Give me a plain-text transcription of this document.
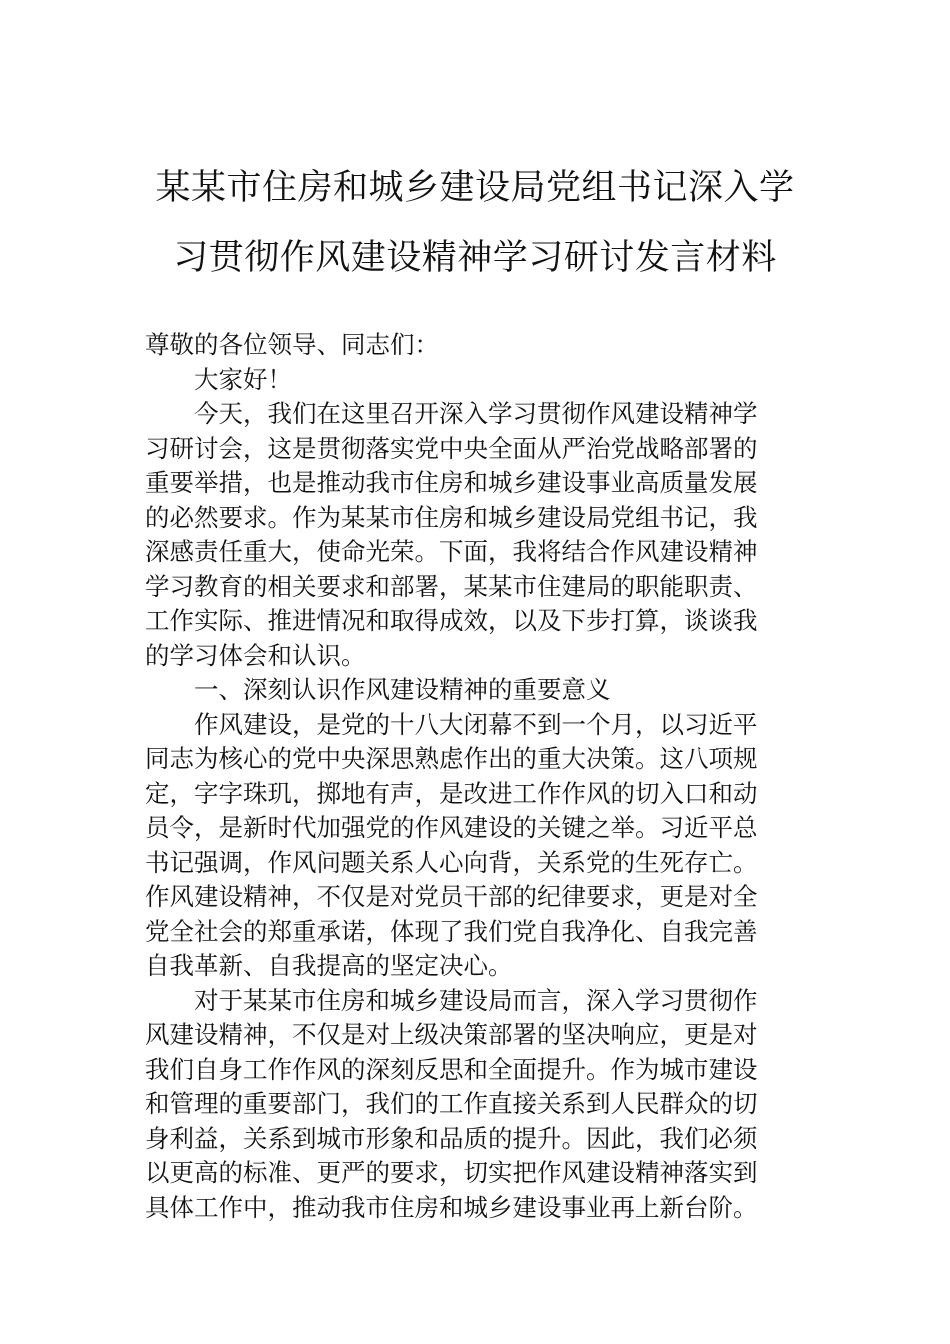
某某市住房和城乡建设局党组书记深入学
习贯彻作风建设精神学习研讨发言材料
尊敬的各位领导、同志们：
大家好！
今天，我们在这里召开深入学习贯彻作风建设精神学
习研讨会，这是贯彻落实党中央全面从严治党战略部署的
重要举措，也是推动我市住房和城乡建设事业高质量发展
的必然要求。作为某某市住房和城乡建设局党组书记，我
深感责任重大，使命光荣。下面，我将结合作风建设精神
学习教育的相关要求和部署，某某市住建局的职能职责、
工作实际、推进情况和取得成效，以及下步打算，谈谈我
的学习体会和认识。
一、深刻认识作风建设精神的重要意义
作风建设，是党的十八大闭幕不到一个月，以习近平
同志为核心的党中央深思熟虑作出的重大决策。这八项规
定，字字珠玑，掷地有声，是改进工作作风的切入口和动
员令，是新时代加强党的作风建设的关键之举。习近平总
书记强调，作风问题关系人心向背，关系党的生死存亡。
作风建设精神，不仅是对党员干部的纪律要求，更是对全
党全社会的郑重承诺，体现了我们党自我净化、自我完善
自我革新、自我提高的坚定决心。
对于某某市住房和城乡建设局而言，深入学习贯彻作
风建设精神，不仅是对上级决策部署的坚决响应，更是对
我们自身工作作风的深刻反思和全面提升。作为城市建设
和管理的重要部门，我们的工作直接关系到人民群众的切
身利益，关系到城市形象和品质的提升。因此，我们必须
以更高的标准、更严的要求，切实把作风建设精神落实到
具体工作中，推动我市住房和城乡建设事业再上新台阶。
